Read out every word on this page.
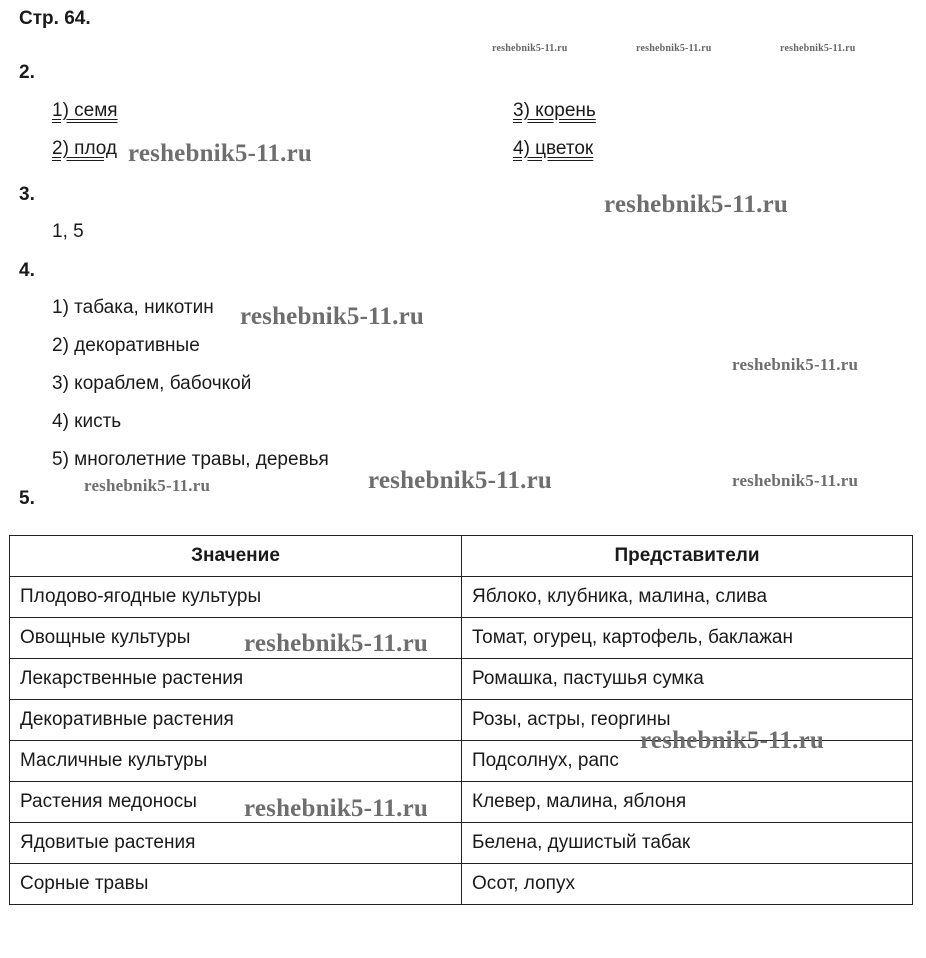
Стр. 64.
2.
1) семя
2) плод
3) корень
4) цветок
3.
1, 5
4.
1) табака, никотин
2) декоративные
3) кораблем, бабочкой
4) кисть
5) многолетние травы, деревья
5.
Значение	Представители
Плодово-ягодные культуры	Яблоко, клубника, малина, слива
Овощные культуры	Томат, огурец, картофель, баклажан
Лекарственные растения	Ромашка, пастушья сумка
Декоративные растения	Розы, астры, георгины
Масличные культуры	Подсолнух, рапс
Растения медоносы	Клевер, малина, яблоня
Ядовитые растения	Белена, душистый табак
Сорные травы	Осот, лопух
reshebnik5-11.ru	reshebnik5-11.ru	reshebnik5-11.ru
reshebnik5-11.ru
reshebnik5-11.ru
reshebnik5-11.ru
reshebnik5-11.ru
reshebnik5-11.ru	reshebnik5-11.ru	reshebnik5-11.ru
reshebnik5-11.ru
reshebnik5-11.ru
reshebnik5-11.ru
